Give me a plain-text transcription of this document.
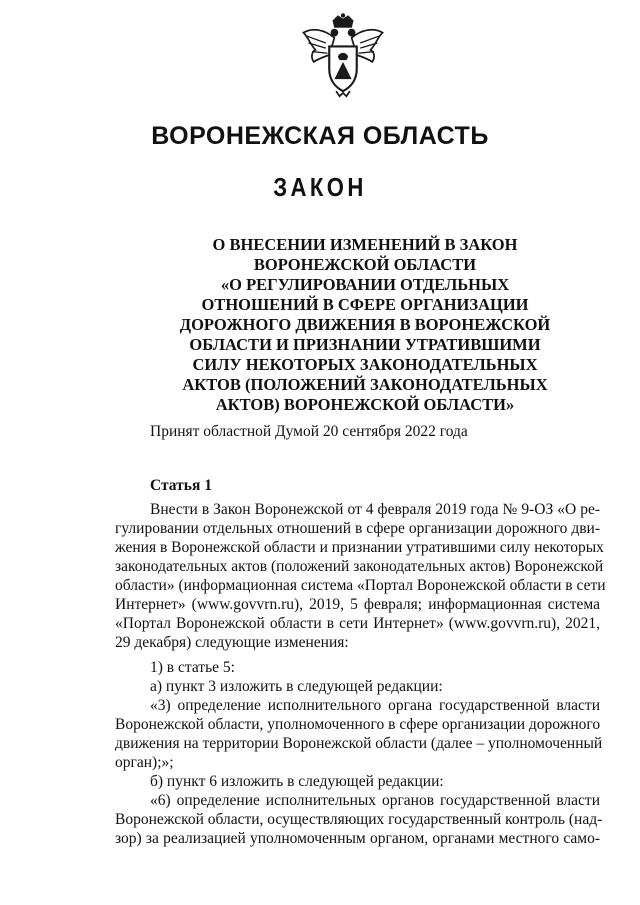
ВОРОНЕЖСКАЯ ОБЛАСТЬ
ЗАКОН
О ВНЕСЕНИИ ИЗМЕНЕНИЙ В ЗАКОН
ВОРОНЕЖСКОЙ ОБЛАСТИ
«О РЕГУЛИРОВАНИИ ОТДЕЛЬНЫХ
ОТНОШЕНИЙ В СФЕРЕ ОРГАНИЗАЦИИ
ДОРОЖНОГО ДВИЖЕНИЯ В ВОРОНЕЖСКОЙ
ОБЛАСТИ И ПРИЗНАНИИ УТРАТИВШИМИ
СИЛУ НЕКОТОРЫХ ЗАКОНОДАТЕЛЬНЫХ
АКТОВ (ПОЛОЖЕНИЙ ЗАКОНОДАТЕЛЬНЫХ
АКТОВ) ВОРОНЕЖСКОЙ ОБЛАСТИ»
Принят областной Думой 20 сентября 2022 года
Статья 1
Внести в Закон Воронежской от 4 февраля 2019 года № 9-ОЗ «О ре-
гулировании отдельных отношений в сфере организации дорожного дви-
жения в Воронежской области и признании утратившими силу некоторых
законодательных актов (положений законодательных актов) Воронежской
области» (информационная система «Портал Воронежской области в сети
Интернет» (www.govvrn.ru), 2019, 5 февраля; информационная система
«Портал Воронежской области в сети Интернет» (www.govvrn.ru), 2021,
29 декабря) следующие изменения:
1) в статье 5:
а) пункт 3 изложить в следующей редакции:
«3) определение исполнительного органа государственной власти
Воронежской области, уполномоченного в сфере организации дорожного
движения на территории Воронежской области (далее – уполномоченный
орган);»;
б) пункт 6 изложить в следующей редакции:
«6) определение исполнительных органов государственной власти
Воронежской области, осуществляющих государственный контроль (над-
зор) за реализацией уполномоченным органом, органами местного само-
